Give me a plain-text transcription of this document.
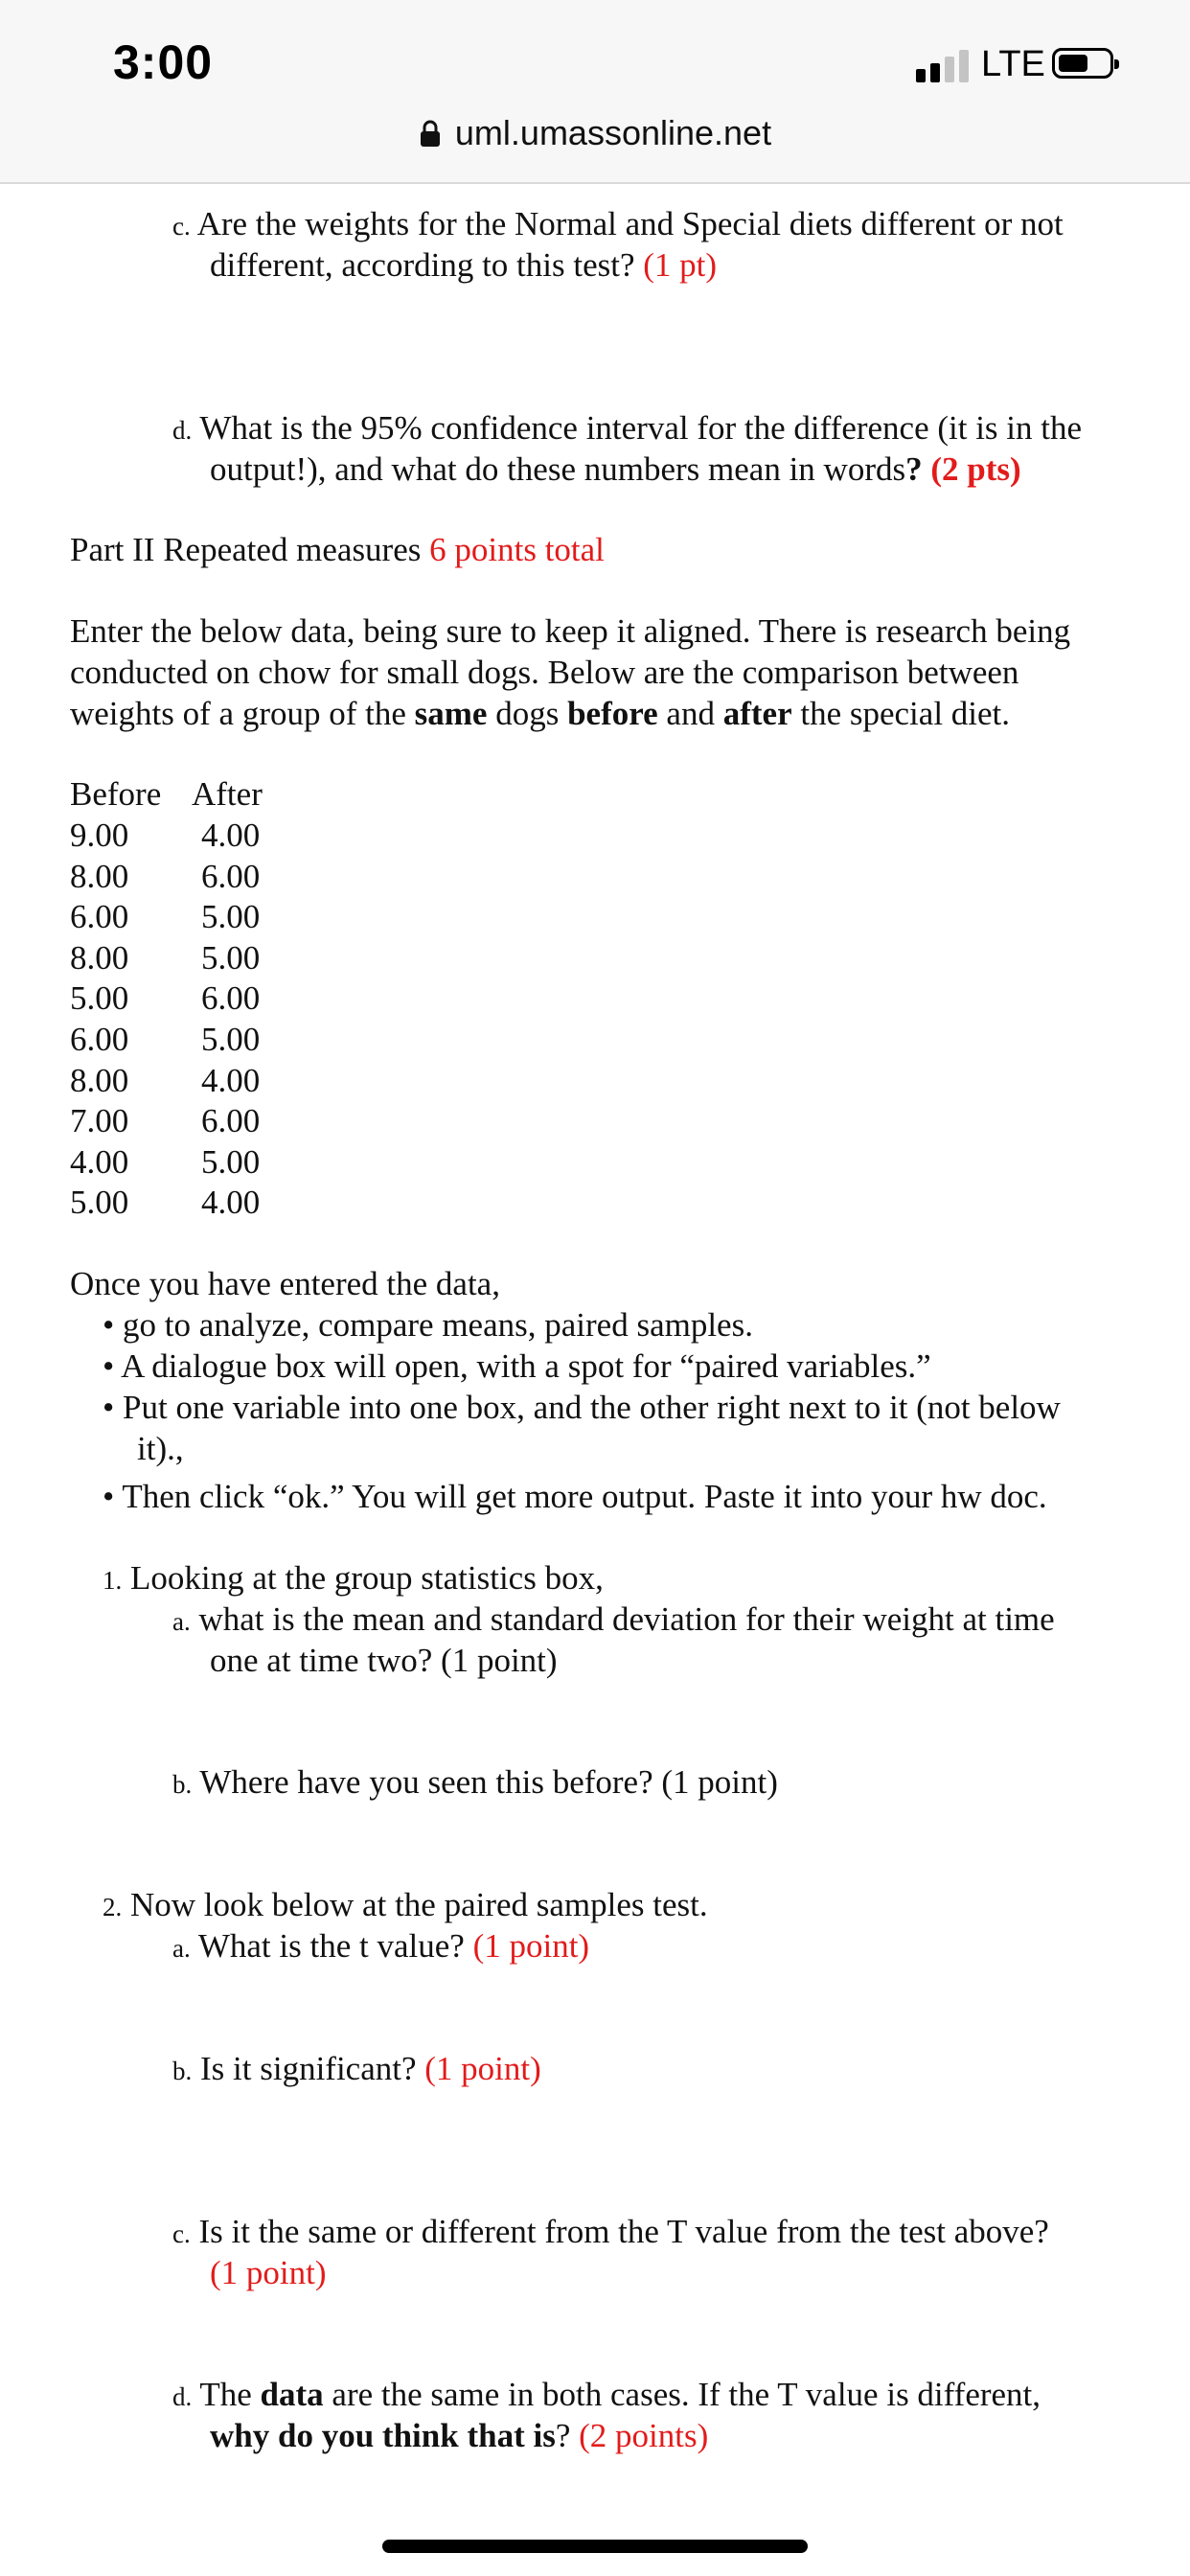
3:00	LTE
uml.umassonline.net
c. Are the weights for the Normal and Special diets different or not
different, according to this test? (1 pt)
d. What is the 95% confidence interval for the difference (it is in the
output!), and what do these numbers mean in words? (2 pts)
Part II Repeated measures 6 points total
Enter the below data, being sure to keep it aligned. There is research being
conducted on chow for small dogs. Below are the comparison between
weights of a group of the same dogs before and after the special diet.
Before After
9.00 4.00
8.00 6.00
6.00 5.00
8.00 5.00
5.00 6.00
6.00 5.00
8.00 4.00
7.00 6.00
4.00 5.00
5.00 4.00
Once you have entered the data,
• go to analyze, compare means, paired samples.
• A dialogue box will open, with a spot for “paired variables.”
• Put one variable into one box, and the other right next to it (not below
it).,
• Then click “ok.” You will get more output. Paste it into your hw doc.
1. Looking at the group statistics box,
a. what is the mean and standard deviation for their weight at time
one at time two? (1 point)
b. Where have you seen this before? (1 point)
2. Now look below at the paired samples test.
a. What is the t value? (1 point)
b. Is it significant? (1 point)
c. Is it the same or different from the T value from the test above?
(1 point)
d. The data are the same in both cases. If the T value is different,
why do you think that is? (2 points)
